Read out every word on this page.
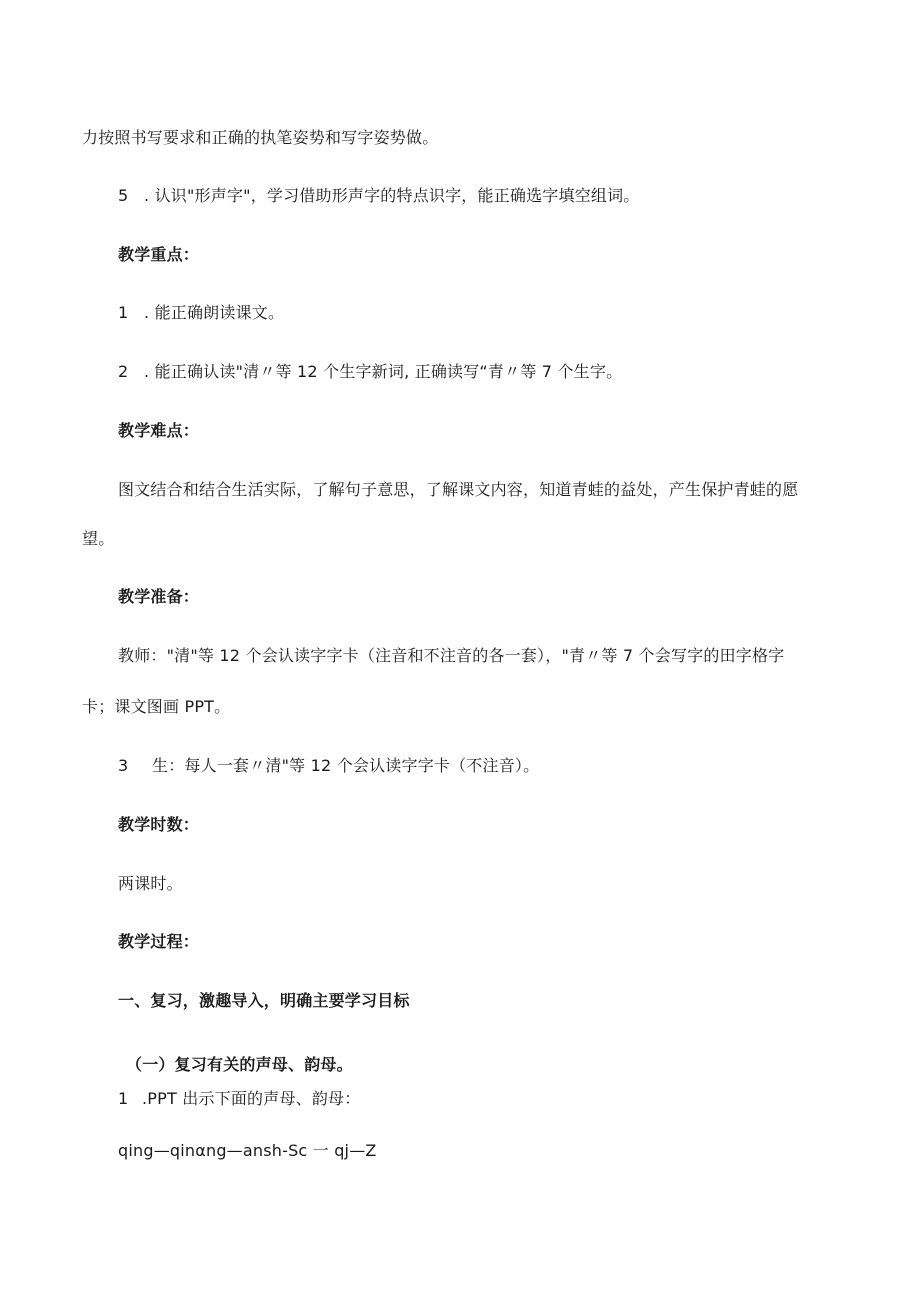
力按照书写要求和正确的执笔姿势和写字姿势做。
5 . 认识"形声字"，学习借助形声字的特点识字，能正确选字填空组词。
教学重点：
1 . 能正确朗读课文。
2 . 能正确认读"清〃等 12 个生字新词, 正确读写“青〃等 7 个生字。
教学难点：
图文结合和结合生活实际，了解句子意思，了解课文内容，知道青蛙的益处，产生保护青蛙的愿
望。
教学准备：
教师："清"等 12 个会认读字字卡（注音和不注音的各一套），"青〃等 7 个会写字的田字格字
卡；课文图画 PPT。
3 生：每人一套〃清"等 12 个会认读字字卡（不注音）。
教学时数：
两课时。
教学过程：
一、复习，激趣导入，明确主要学习目标
（一）复习有关的声母、韵母。
1 .PPT 出示下面的声母、韵母：
qing—qinαng—ansh-Sc 一 qj—Z
